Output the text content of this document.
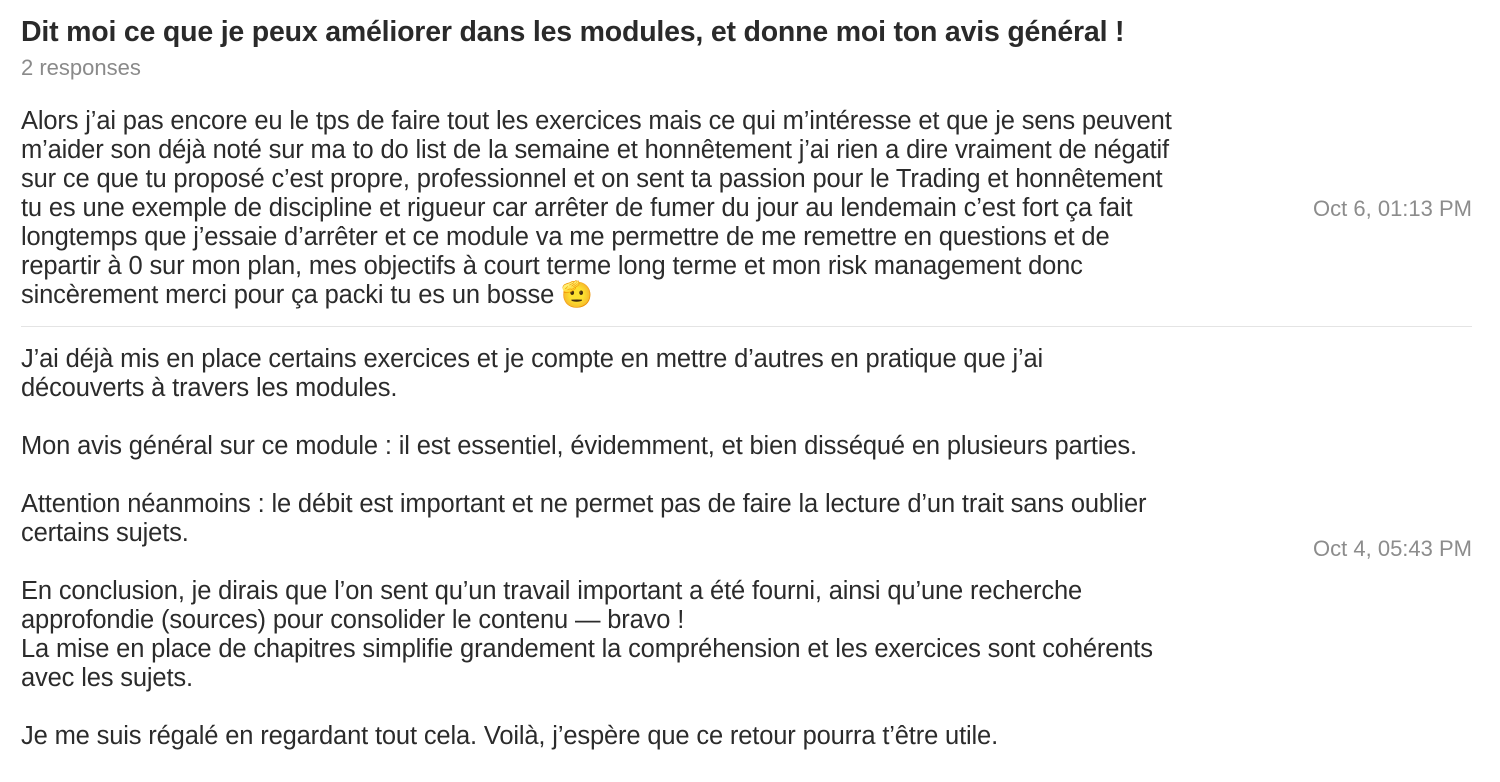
Dit moi ce que je peux améliorer dans les modules, et donne moi ton avis général !
2 responses
Alors j’ai pas encore eu le tps de faire tout les exercices mais ce qui m’intéresse et que je sens peuvent
m’aider son déjà noté sur ma to do list de la semaine et honnêtement j’ai rien a dire vraiment de négatif
sur ce que tu proposé c’est propre, professionnel et on sent ta passion pour le Trading et honnêtement
tu es une exemple de discipline et rigueur car arrêter de fumer du jour au lendemain c’est fort ça fait
longtemps que j’essaie d’arrêter et ce module va me permettre de me remettre en questions et de
repartir à 0 sur mon plan, mes objectifs à court terme long terme et mon risk management donc
sincèrement merci pour ça packi tu es un bosse 🫡
Oct 6, 01:13 PM
J’ai déjà mis en place certains exercices et je compte en mettre d’autres en pratique que j’ai
découverts à travers les modules.

Mon avis général sur ce module : il est essentiel, évidemment, et bien disséqué en plusieurs parties.

Attention néanmoins : le débit est important et ne permet pas de faire la lecture d’un trait sans oublier
certains sujets.

En conclusion, je dirais que l’on sent qu’un travail important a été fourni, ainsi qu’une recherche
approfondie (sources) pour consolider le contenu — bravo !
La mise en place de chapitres simplifie grandement la compréhension et les exercices sont cohérents
avec les sujets.

Je me suis régalé en regardant tout cela. Voilà, j’espère que ce retour pourra t’être utile.
Oct 4, 05:43 PM
